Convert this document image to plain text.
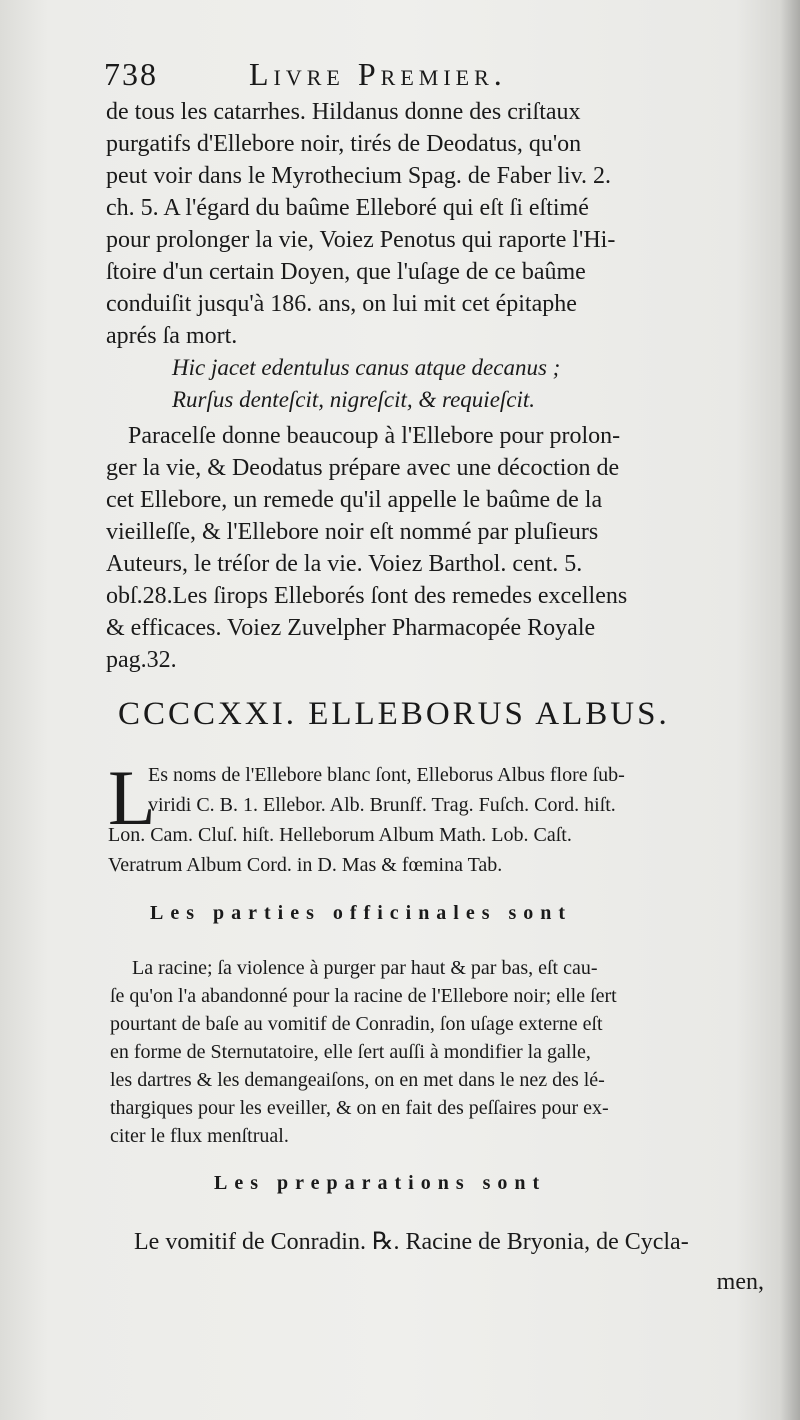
738	Livre Premier.
de tous les catarrhes. Hildanus donne des criſtaux
purgatifs d'Ellebore noir, tirés de Deodatus, qu'on
peut voir dans le Myrothecium Spag. de Faber liv. 2.
ch. 5. A l'égard du baûme Elleboré qui eſt ſi eſtimé
pour prolonger la vie, Voiez Penotus qui raporte l'Hi-
ſtoire d'un certain Doyen, que l'uſage de ce baûme
conduiſit jusqu'à 186. ans, on lui mit cet épitaphe
aprés ſa mort.
Hic jacet edentulus canus atque decanus ;
Rurſus denteſcit, nigreſcit, & requieſcit.
Paracelſe donne beaucoup à l'Ellebore pour prolon-
ger la vie, & Deodatus prépare avec une décoction de
cet Ellebore, un remede qu'il appelle le baûme de la
vieilleſſe, & l'Ellebore noir eſt nommé par pluſieurs
Auteurs, le tréſor de la vie. Voiez Barthol. cent. 5.
obſ.28.Les ſirops Elleborés ſont des remedes excellens
& efficaces. Voiez Zuvelpher Pharmacopée Royale
pag.32.
CCCCXXI. ELLEBORUS ALBUS.
L
Es noms de l'Ellebore blanc ſont, Elleborus Albus flore ſub-
viridi C. B. 1. Ellebor. Alb. Brunſf. Trag. Fuſch. Cord. hiſt.
Lon. Cam. Cluſ. hiſt. Helleborum Album Math. Lob. Caſt.
Veratrum Album Cord. in D. Mas & fœmina Tab.
Les parties officinales sont
La racine; ſa violence à purger par haut & par bas, eſt cau-
ſe qu'on l'a abandonné pour la racine de l'Ellebore noir; elle ſert
pourtant de baſe au vomitif de Conradin, ſon uſage externe eſt
en forme de Sternutatoire, elle ſert auſſi à mondifier la galle,
les dartres & les demangeaiſons, on en met dans le nez des lé-
thargiques pour les eveiller, & on en fait des peſſaires pour ex-
citer le flux menſtrual.
Les preparations sont
Le vomitif de Conradin. ℞. Racine de Bryonia, de Cycla-
men,
